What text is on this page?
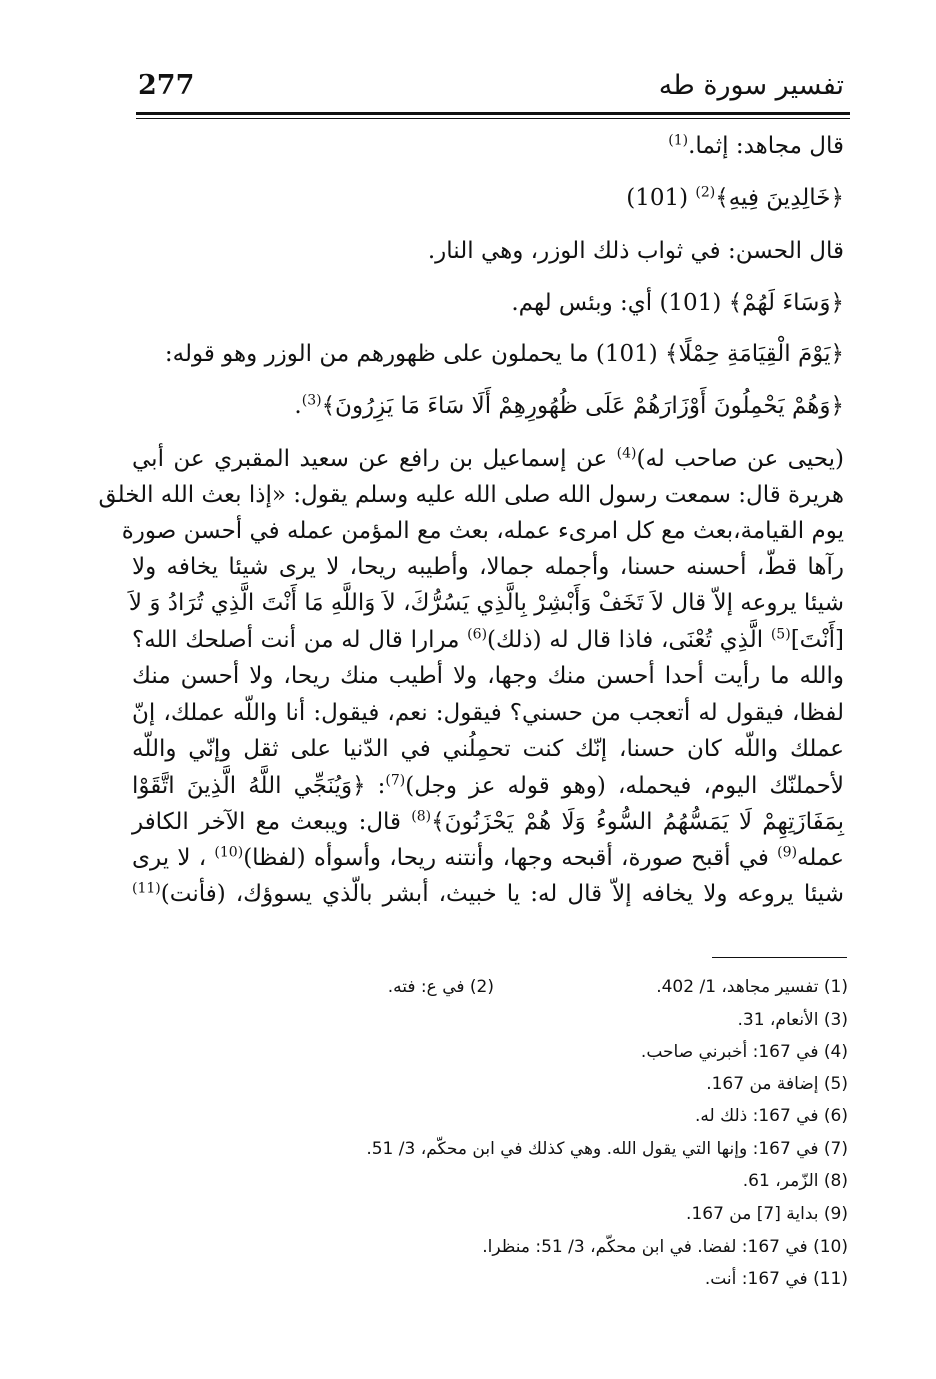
تفسير سورة طه
277
قال مجاهد: إثما.$^{(1)}$
﴿خَالِدِينَ فِيهِ﴾$^{(2)}$ (101)
قال الحسن: في ثواب ذلك الوزر، وهي النار.
﴿وَسَاءَ لَهُمْ﴾ (101) أي: وبئس لهم.
﴿يَوْمَ الْقِيَامَةِ حِمْلًا﴾ (101) ما يحملون على ظهورهم من الوزر وهو قوله:
﴿وَهُمْ يَحْمِلُونَ أَوْزَارَهُمْ عَلَى ظُهُورِهِمْ أَلَا سَاءَ مَا يَزِرُونَ﴾$^{(3)}$.
(يحيى عن صاحب له)$^{(4)}$ عن إسماعيل بن رافع عن سعيد المقبري عن أبي
هريرة قال: سمعت رسول الله صلى الله عليه وسلم يقول: «إذا بعث الله الخلق
يوم القيامة،بعث مع كل امرىء عمله، بعث مع المؤمن عمله في أحسن صورة
رآها قطّ، أحسنه حسنا، وأجمله جمالا، وأطيبه ريحا، لا يرى شيئا يخافه ولا
شيئا يروعه إلاّ قال لاَ تَخَفْ وَأَبْشِرْ بِالَّذِي يَسُرُّكَ، لاَ وَاللَّهِ مَا أَنْتَ الَّذِي تُرَادُ وَ لاَ
[أَنْتَ]$^{(5)}$ الَّذِي تُعْنَى، فاذا قال له (ذلك)$^{(6)}$ مرارا قال له من أنت أصلحك الله؟
والله ما رأيت أحدا أحسن منك وجها، ولا أطيب منك ريحا، ولا أحسن منك
لفظا، فيقول له أتعجب من حسني؟ فيقول: نعم، فيقول: أنا واللّه عملك، إنّ
عملك واللّه كان حسنا، إنّك كنت تحمِلُني في الدّنيا على ثقل وإنّي واللّه
لأحملنّك اليوم، فيحمله، (وهو قوله عز وجل)$^{(7)}$: ﴿وَيُنَجِّي اللَّهُ الَّذِينَ اتَّقَوْا
بِمَفَازَتِهِمْ لَا يَمَسُّهُمُ السُّوءُ وَلَا هُمْ يَحْزَنُونَ﴾$^{(8)}$ قال: ويبعث مع الآخر الكافر
عمله$^{(9)}$ في أقبح صورة، أقبحه وجها، وأنتنه ريحا، وأسوأه (لفظا)$^{(10)}$ ، لا يرى
شيئا يروعه ولا يخافه إلاّ قال له: يا خبيث، أبشر بالّذي يسوؤك، (فأنت)$^{(11)}$
(1) تفسير مجاهد، 1/ 402.
(2) في ع: فته.
(3) الأنعام، 31.
(4) في 167: أخبرني صاحب.
(5) إضافة من 167.
(6) في 167: ذلك له.
(7) في 167: وإنها التي يقول الله. وهي كذلك في ابن محكّم، 3/ 51.
(8) الزّمر، 61.
(9) بداية [7] من 167.
(10) في 167: لفضا. في ابن محكّم، 3/ 51: منظرا.
(11) في 167: أنت.
